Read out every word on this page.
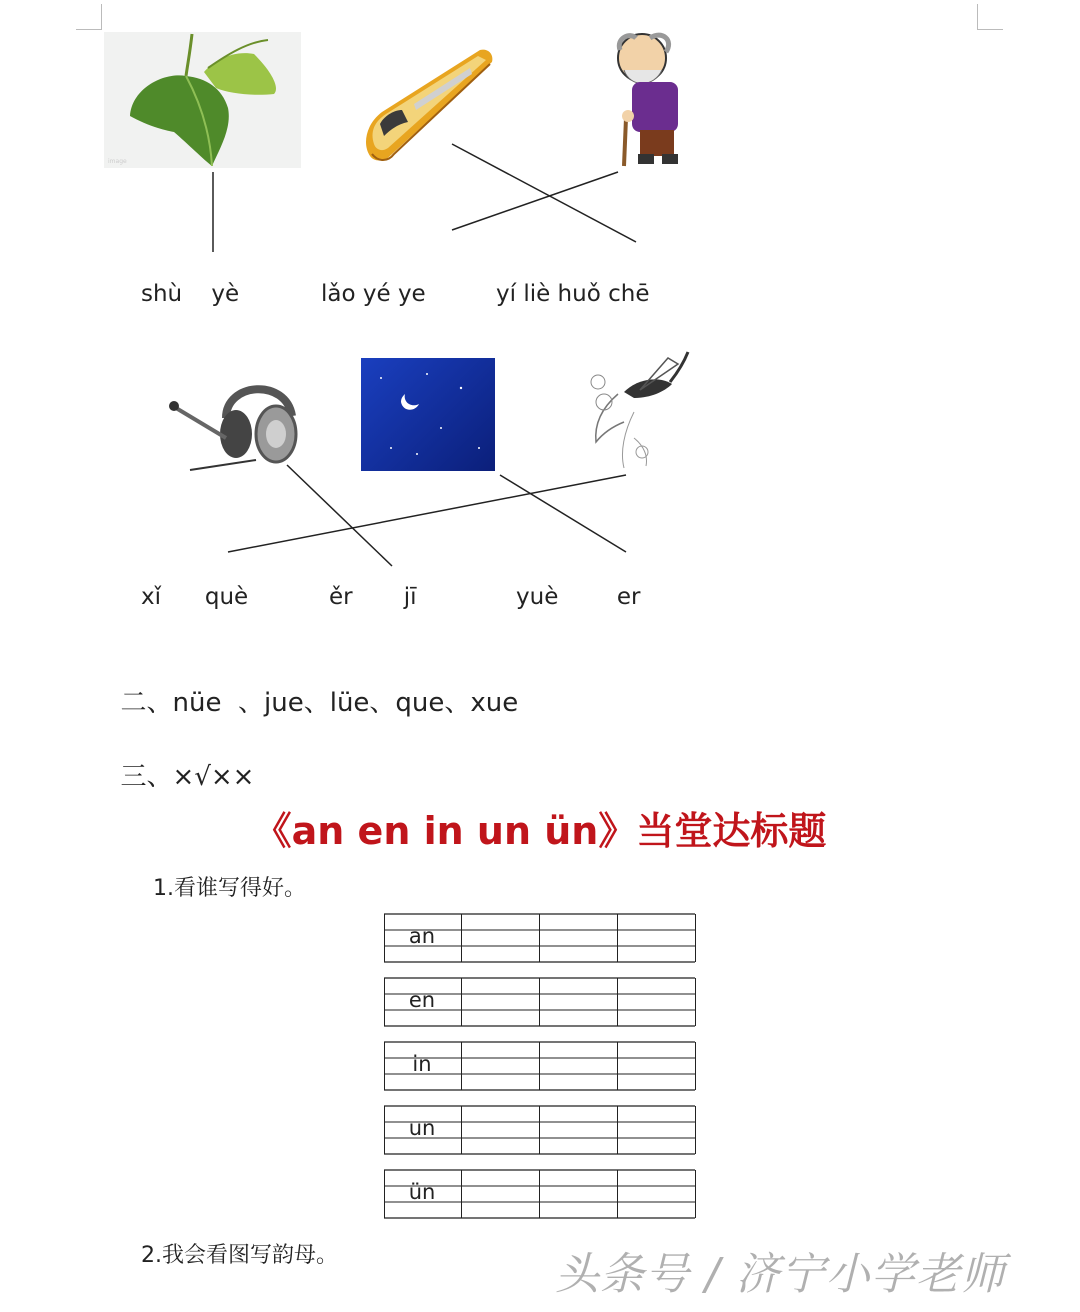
image
shù    yè	lǎo yé ye	yí liè huǒ chē
xǐ      què	ěr       jī	yuè        er

二、nüe  、jue、lüe、que、xue

三、×√××

《an en in un ün》当堂达标题
1.看谁写得好。
an
en
in
un
ün
2.我会看图写韵母。	头条号 / 济宁小学老师
